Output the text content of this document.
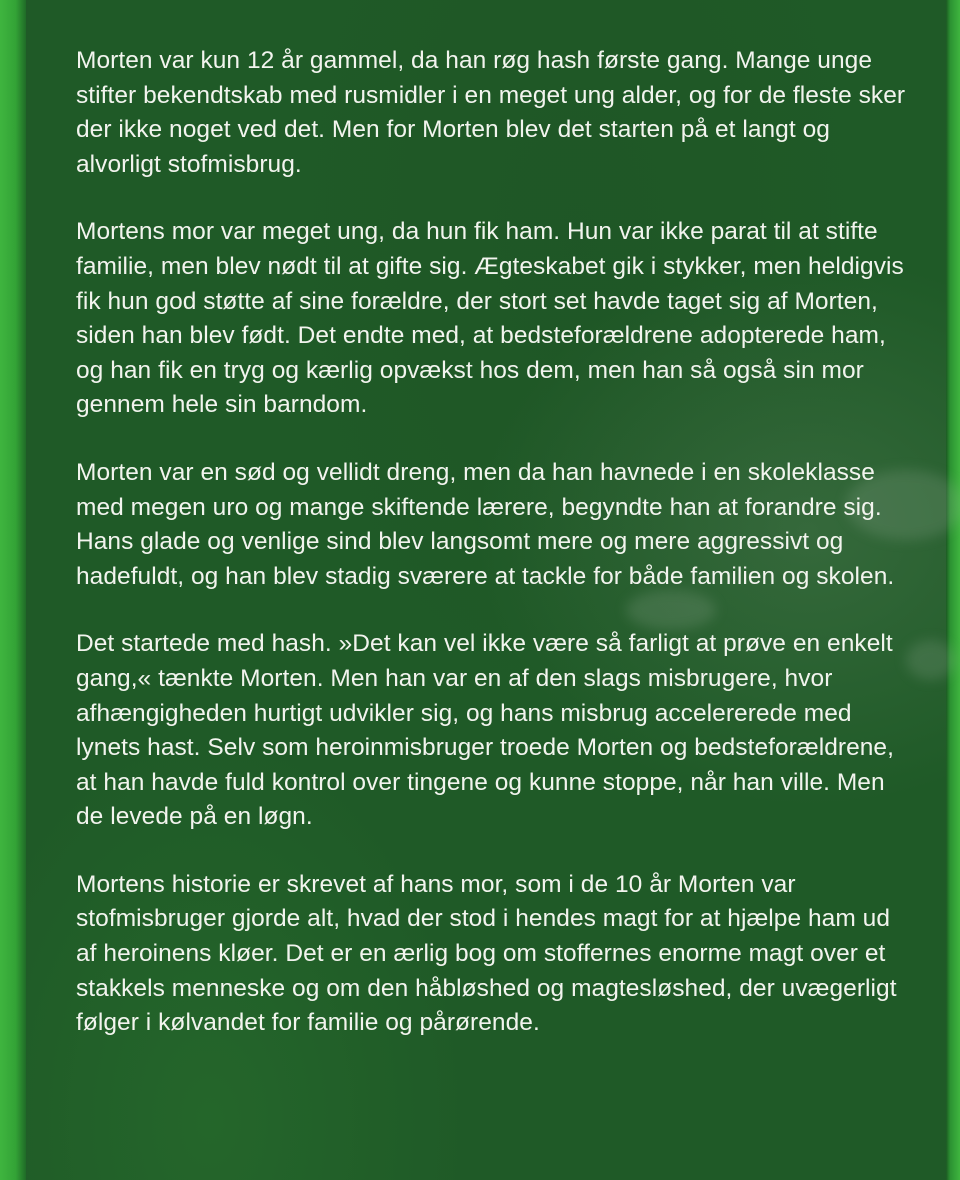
Morten var kun 12 år gammel, da han røg hash første gang. Mange unge stifter bekendtskab med rusmidler i en meget ung alder, og for de fleste sker der ikke noget ved det. Men for Morten blev det starten på et langt og alvorligt stofmisbrug.

Mortens mor var meget ung, da hun fik ham. Hun var ikke parat til at stifte familie, men blev nødt til at gifte sig. Ægteskabet gik i stykker, men heldigvis fik hun god støtte af sine forældre, der stort set havde taget sig af Morten, siden han blev født. Det endte med, at bedsteforældrene adopterede ham, og han fik en tryg og kærlig opvækst hos dem, men han så også sin mor gennem hele sin barndom.

Morten var en sød og vellidt dreng, men da han havnede i en skoleklasse med megen uro og mange skiftende lærere, begyndte han at forandre sig. Hans glade og venlige sind blev langsomt mere og mere aggressivt og hadefuldt, og han blev stadig sværere at tackle for både familien og skolen.

Det startede med hash. »Det kan vel ikke være så farligt at prøve en enkelt gang,« tænkte Morten. Men han var en af den slags misbrugere, hvor afhængigheden hurtigt udvikler sig, og hans misbrug accelererede med lynets hast. Selv som heroinmisbruger troede Morten og bedsteforældrene, at han havde fuld kontrol over tingene og kunne stoppe, når han ville. Men de levede på en løgn.

Mortens historie er skrevet af hans mor, som i de 10 år Morten var stofmisbruger gjorde alt, hvad der stod i hendes magt for at hjælpe ham ud af heroinens kløer. Det er en ærlig bog om stoffernes enorme magt over et stakkels menneske og om den håbløshed og magtesløshed, der uvægerligt følger i kølvandet for familie og pårørende.
